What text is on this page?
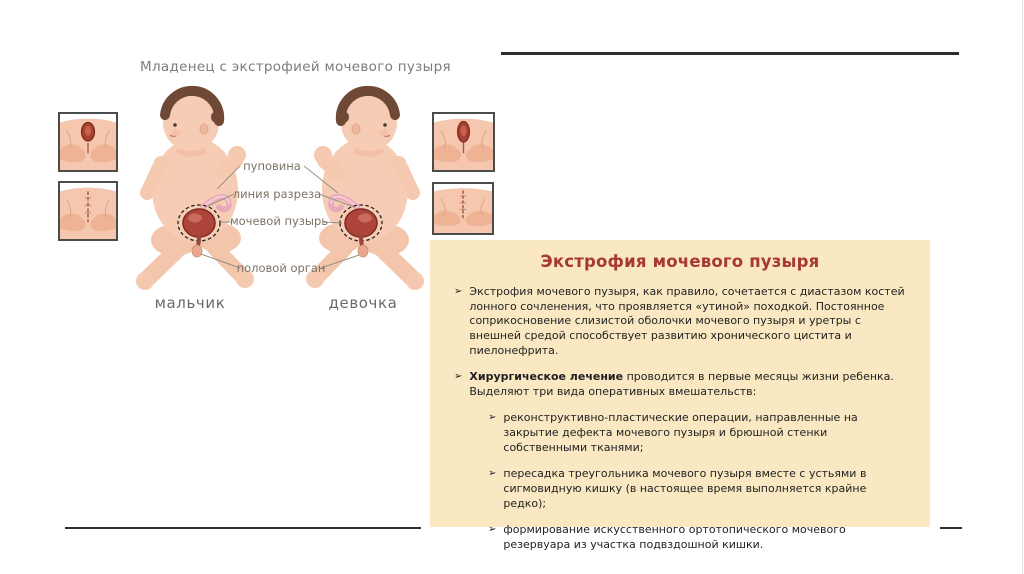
Младенец с экстрофией мочевого пузыря
пуповина
линия разреза
мочевой пузырь
половой орган
мальчик	девочка
Экстрофия мочевого пузыря
➢ Экстрофия мочевого пузыря, как правило, сочетается с диастазом костей лонного сочленения, что проявляется «утиной» походкой. Постоянное соприкосновение слизистой оболочки мочевого пузыря и уретры с внешней средой способствует развитию хронического цистита и пиелонефрита.
➢ Хирургическое лечение проводится в первые месяцы жизни ребенка. Выделяют три вида оперативных вмешательств:
➢ реконструктивно-пластические операции, направленные на закрытие дефекта мочевого пузыря и брюшной стенки собственными тканями;
➢ пересадка треугольника мочевого пузыря вместе с устьями в сигмовидную кишку (в настоящее время выполняется крайне редко);
➢ формирование искусственного ортотопического мочевого резервуара из участка подвздошной кишки.
